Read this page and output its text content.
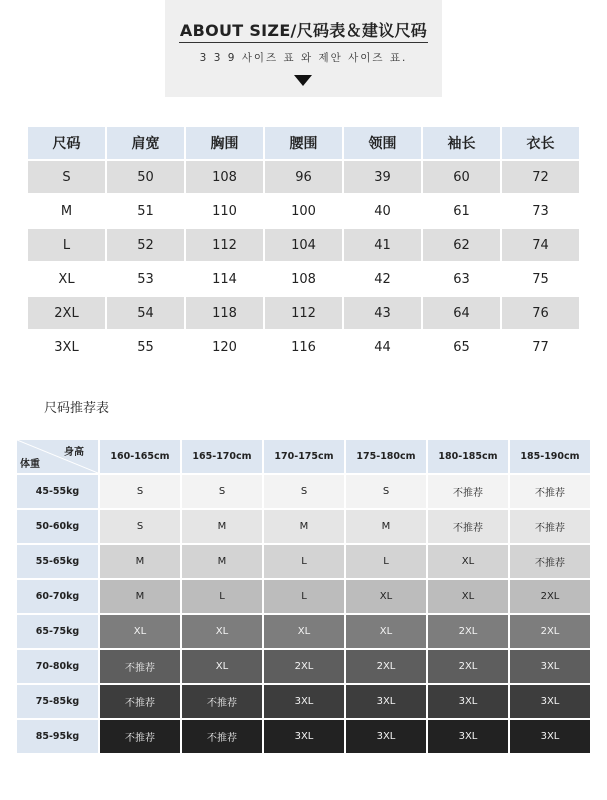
ABOUT SIZE/尺码表＆建议尺码
3 3 9 사이즈 표 와 제안 사이즈 표.
尺码	肩宽	胸围	腰围	领围	袖长	衣长
S	50	108	96	39	60	72
M	51	110	100	40	61	73
L	52	112	104	41	62	74
XL	53	114	108	42	63	75
2XL	54	118	112	43	64	76
3XL	55	120	116	44	65	77
尺码推荐表
身高
体重	160-165cm	165-170cm	170-175cm	175-180cm	180-185cm	185-190cm
45-55kg	S	S	S	S	不推荐	不推荐
50-60kg	S	M	M	M	不推荐	不推荐
55-65kg	M	M	L	L	XL	不推荐
60-70kg	M	L	L	XL	XL	2XL
65-75kg	XL	XL	XL	XL	2XL	2XL
70-80kg	不推荐	XL	2XL	2XL	2XL	3XL
75-85kg	不推荐	不推荐	3XL	3XL	3XL	3XL
85-95kg	不推荐	不推荐	3XL	3XL	3XL	3XL
